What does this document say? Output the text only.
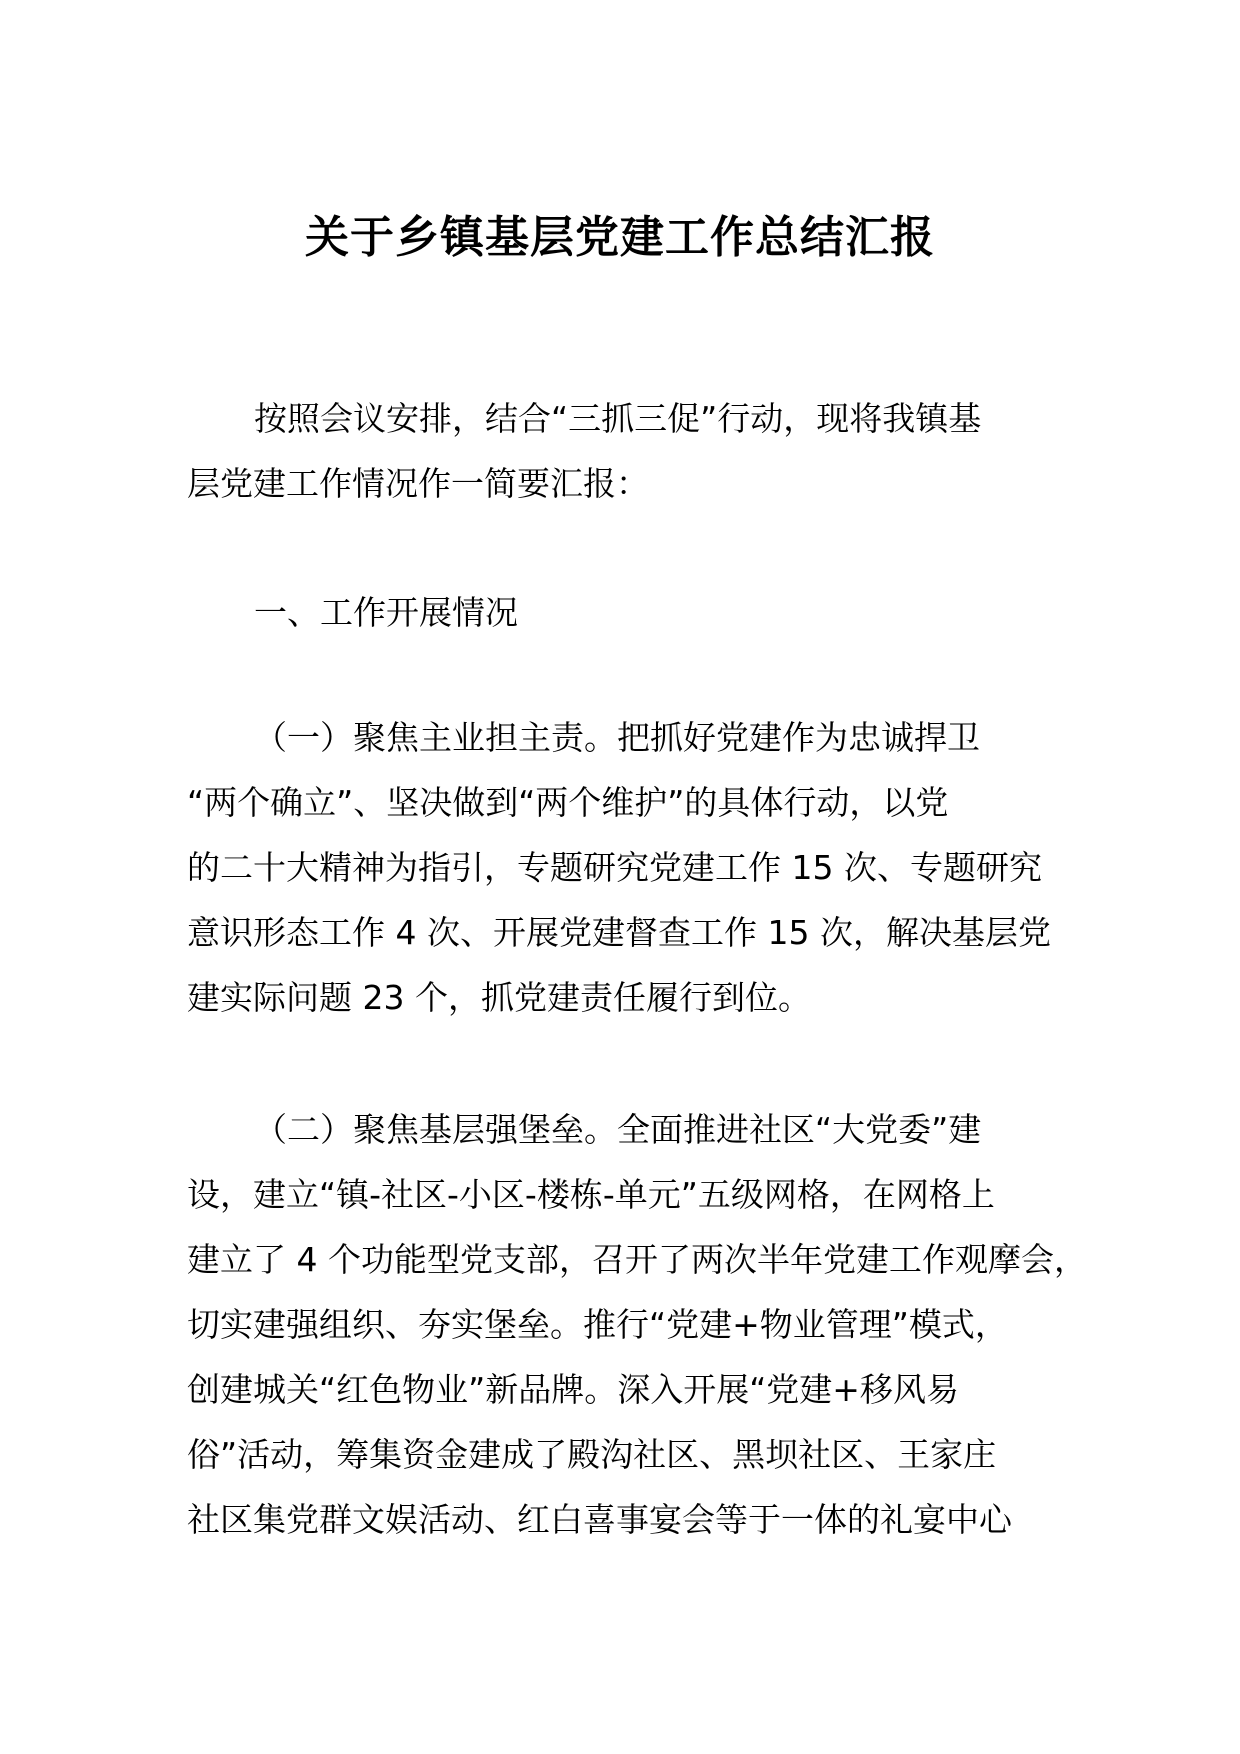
关于乡镇基层党建工作总结汇报
按照会议安排，结合“三抓三促”行动，现将我镇基
层党建工作情况作一简要汇报：
一、工作开展情况
（一）聚焦主业担主责。把抓好党建作为忠诚捍卫
“两个确立”、坚决做到“两个维护”的具体行动，以党
的二十大精神为指引，专题研究党建工作 15 次、专题研究
意识形态工作 4 次、开展党建督查工作 15 次，解决基层党
建实际问题 23 个，抓党建责任履行到位。
（二）聚焦基层强堡垒。全面推进社区“大党委”建
设，建立“镇-社区-小区-楼栋-单元”五级网格，在网格上
建立了 4 个功能型党支部，召开了两次半年党建工作观摩会，
切实建强组织、夯实堡垒。推行“党建+物业管理”模式，
创建城关“红色物业”新品牌。深入开展“党建+移风易
俗”活动，筹集资金建成了殿沟社区、黑坝社区、王家庄
社区集党群文娱活动、红白喜事宴会等于一体的礼宴中心
